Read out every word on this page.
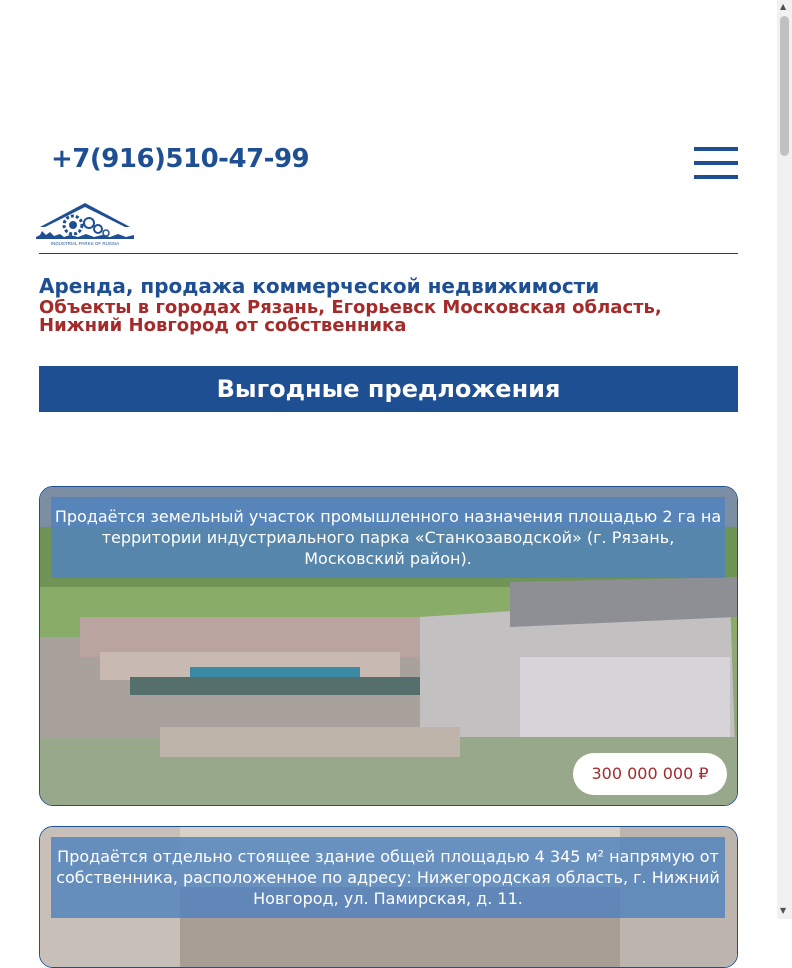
+7(916)510-47-99
INDUSTRIAL PARKS OF RUSSIA
Аренда, продажа коммерческой недвижимости
Объекты в городах Рязань, Егорьевск Московская область, Нижний Новгород от собственника
Выгодные предложения
Продаётся земельный участок промышленного назначения площадью 2 га на территории индустриального парка «Станкозаводской» (г. Рязань, Московский район).
300 000 000 ₽
Продаётся отдельно стоящее здание общей площадью 4 345 м² напрямую от собственника, расположенное по адресу: Нижегородская область, г. Нижний Новгород, ул. Памирская, д. 11.
▲
▼
